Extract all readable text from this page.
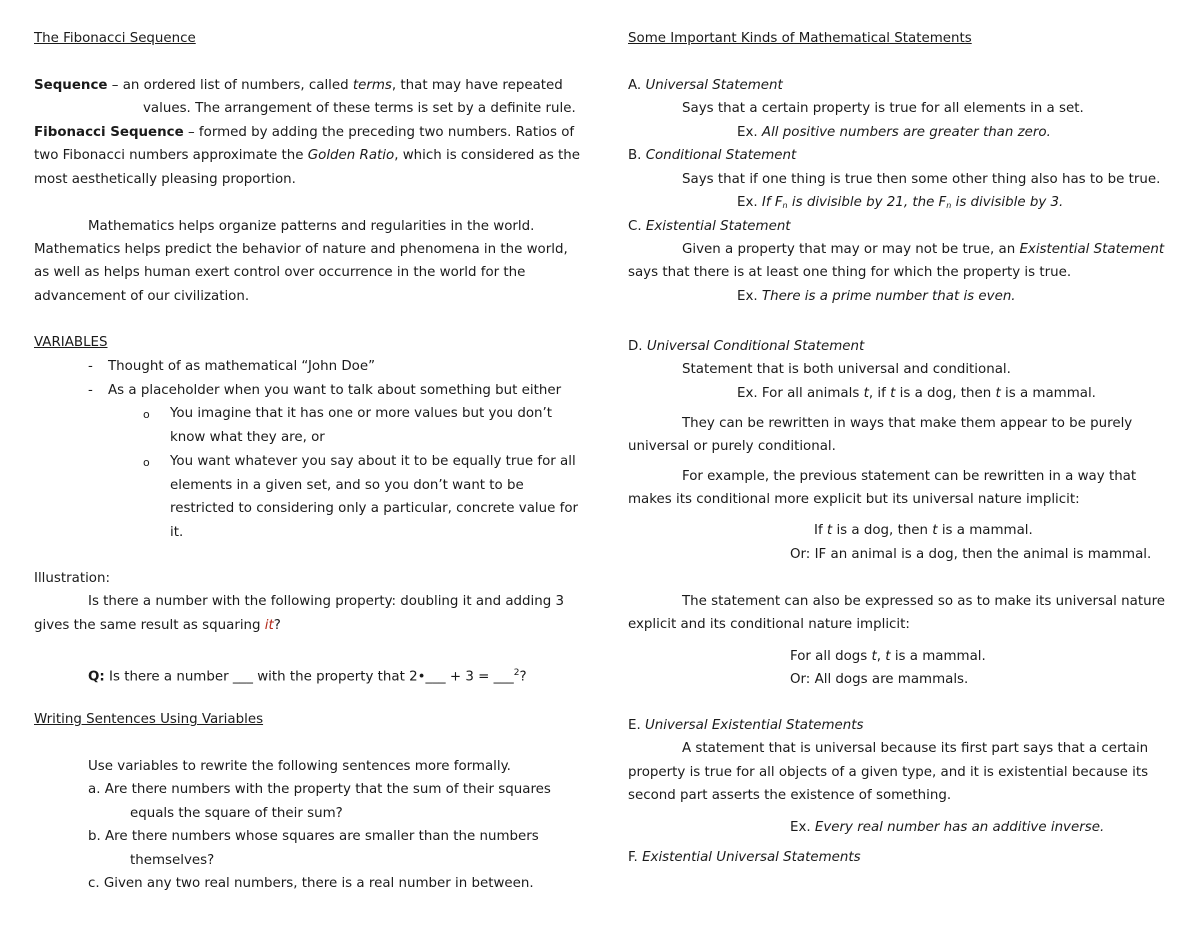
The Fibonacci Sequence
Sequence – an ordered list of numbers, called terms, that may have repeated
values. The arrangement of these terms is set by a definite rule.
Fibonacci Sequence – formed by adding the preceding two numbers. Ratios of
two Fibonacci numbers approximate the Golden Ratio, which is considered as the
most aesthetically pleasing proportion.
Mathematics helps organize patterns and regularities in the world.
Mathematics helps predict the behavior of nature and phenomena in the world,
as well as helps human exert control over occurrence in the world for the
advancement of our civilization.
VARIABLES
- Thought of as mathematical “John Doe”
- As a placeholder when you want to talk about something but either
o You imagine that it has one or more values but you don’t
know what they are, or
o You want whatever you say about it to be equally true for all
elements in a given set, and so you don’t want to be
restricted to considering only a particular, concrete value for
it.
Illustration:
Is there a number with the following property: doubling it and adding 3
gives the same result as squaring it?
Q: Is there a number ___ with the property that 2•___ + 3 = ___$^2$?
Writing Sentences Using Variables
Use variables to rewrite the following sentences more formally.
a. Are there numbers with the property that the sum of their squares
equals the square of their sum?
b. Are there numbers whose squares are smaller than the numbers
themselves?
c. Given any two real numbers, there is a real number in between.
Some Important Kinds of Mathematical Statements
A. Universal Statement
Says that a certain property is true for all elements in a set.
Ex. All positive numbers are greater than zero.
B. Conditional Statement
Says that if one thing is true then some other thing also has to be true.
Ex. If $F_n$ is divisible by 21, the $F_n$ is divisible by 3.
C. Existential Statement
Given a property that may or may not be true, an Existential Statement
says that there is at least one thing for which the property is true.
Ex. There is a prime number that is even.
D. Universal Conditional Statement
Statement that is both universal and conditional.
Ex. For all animals t, if t is a dog, then t is a mammal.
They can be rewritten in ways that make them appear to be purely
universal or purely conditional.
For example, the previous statement can be rewritten in a way that
makes its conditional more explicit but its universal nature implicit:
If t is a dog, then t is a mammal.
Or: IF an animal is a dog, then the animal is mammal.
The statement can also be expressed so as to make its universal nature
explicit and its conditional nature implicit:
For all dogs t, t is a mammal.
Or: All dogs are mammals.
E. Universal Existential Statements
A statement that is universal because its first part says that a certain
property is true for all objects of a given type, and it is existential because its
second part asserts the existence of something.
Ex. Every real number has an additive inverse.
F. Existential Universal Statements
